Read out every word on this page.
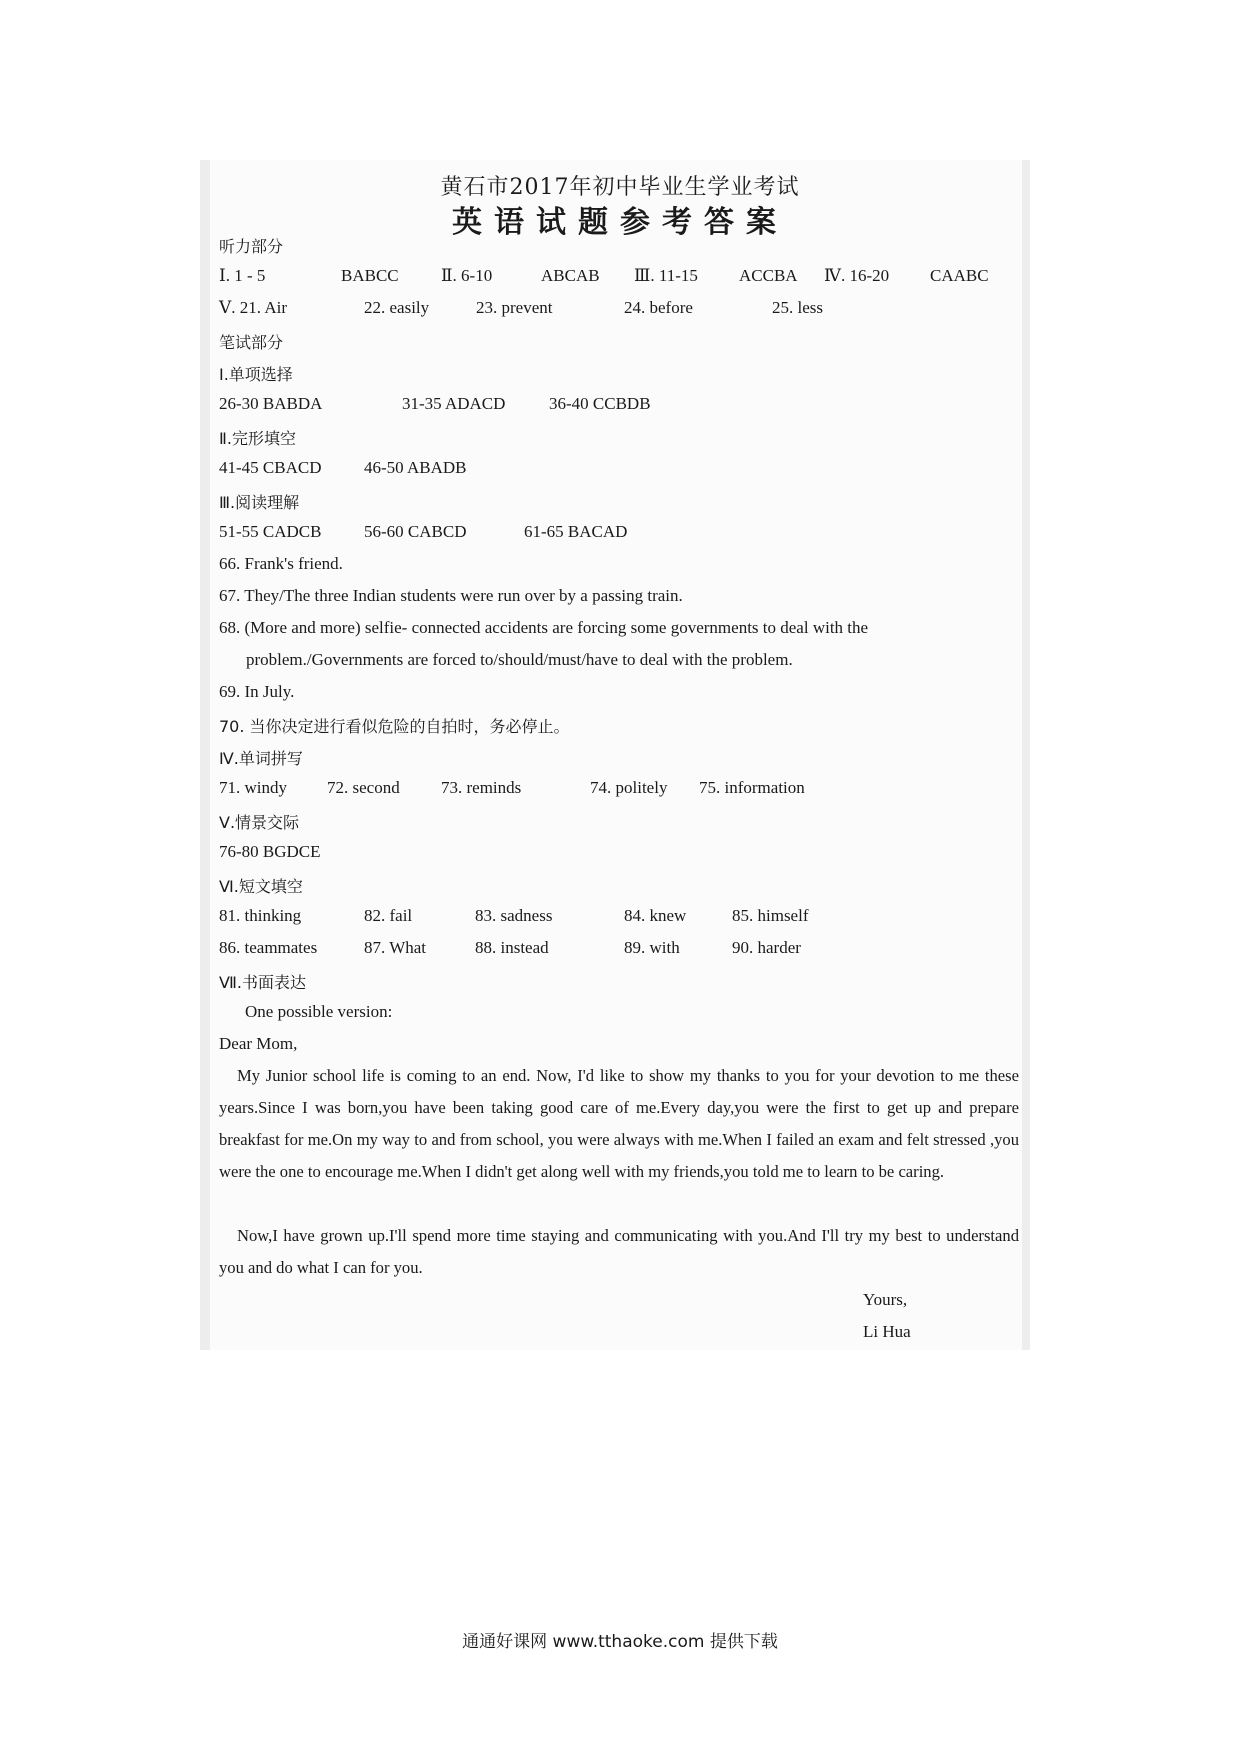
黄石市2017年初中毕业生学业考试
英语试题参考答案
听力部分
Ⅰ. 1 - 5	BABCC Ⅱ. 6-10	ABCAB Ⅲ. 11-15 ACCBA Ⅳ. 16-20 CAABC
Ⅴ. 21. Air	22. easily	23. prevent	24. before	25. less
笔试部分
Ⅰ.单项选择
26-30 BABDA	31-35 ADACD	36-40 CCBDB
Ⅱ.完形填空
41-45 CBACD	46-50 ABADB
Ⅲ.阅读理解
51-55 CADCB	56-60 CABCD	61-65 BACAD
66. Frank's friend.
67. They/The three Indian students were run over by a passing train.
68. (More and more) selfie- connected accidents are forcing some governments to deal with the
problem./Governments are forced to/should/must/have to deal with the problem.
69. In July.
70. 当你决定进行看似危险的自拍时，务必停止。
Ⅳ.单词拼写
71. windy 72. second 73. reminds	74. politely 75. information
Ⅴ.情景交际
76-80 BGDCE
Ⅵ.短文填空
81. thinking	82. fail	83. sadness	84. knew	85. himself
86. teammates	87. What	88. instead	89. with	90. harder
Ⅶ.书面表达
One possible version:
Dear Mom,
My Junior school life is coming to an end. Now, I'd like to show my thanks to you for your devotion to me these years.Since I was born,you have been taking good care of me.Every day,you were the first to get up and prepare breakfast for me.On my way to and from school, you were always with me.When I failed an exam and felt stressed ,you were the one to encourage me.When I didn't get along well with my friends,you told me to learn to be caring.
Now,I have grown up.I'll spend more time staying and communicating with you.And I'll try my best to understand you and do what I can for you.
Yours,
Li Hua
通通好课网 www.tthaoke.com 提供下载
